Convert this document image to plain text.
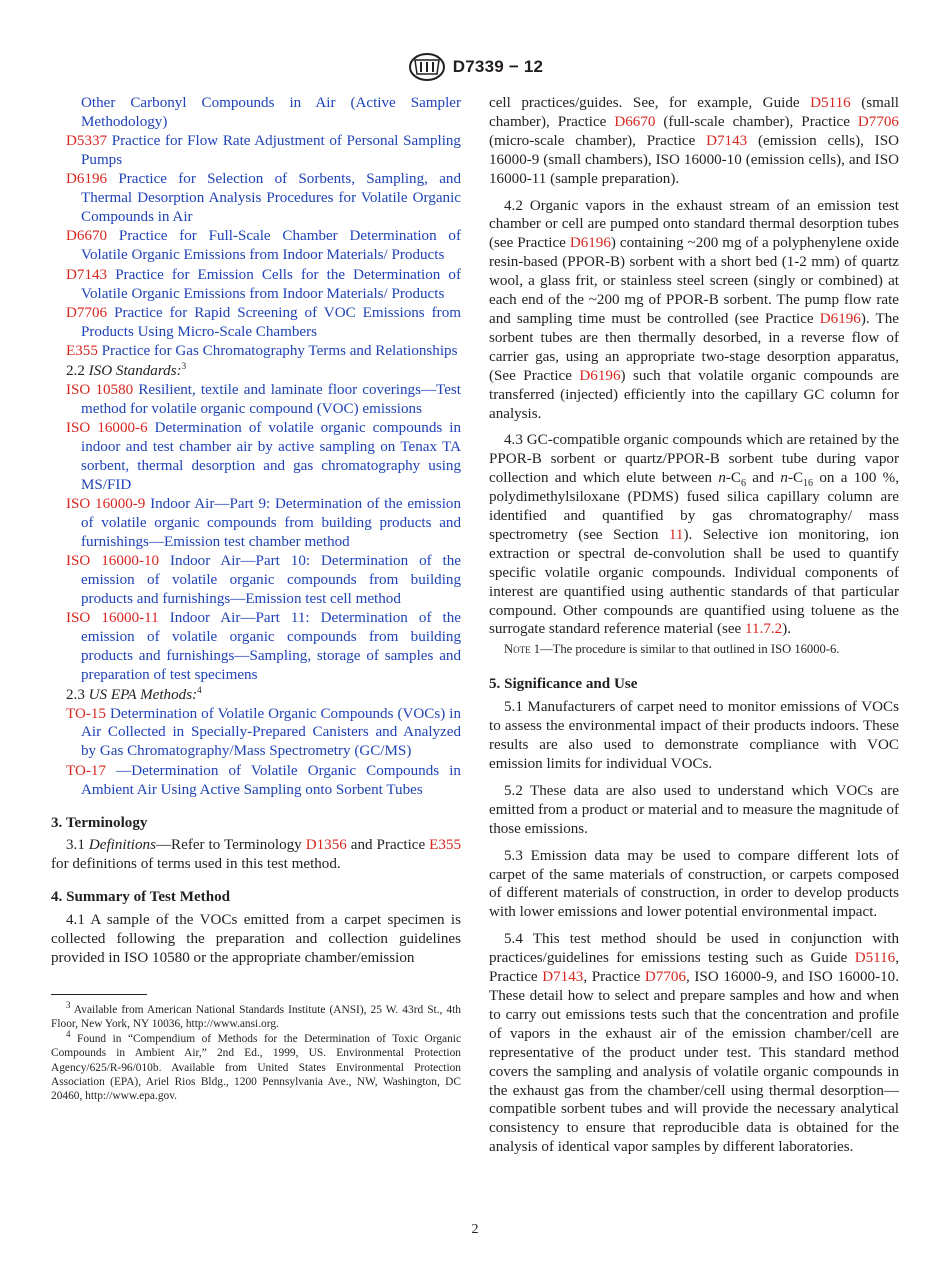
D7339 − 12

Other Carbonyl Compounds in Air (Active Sampler Methodology)

D5337 Practice for Flow Rate Adjustment of Personal Sampling Pumps

D6196 Practice for Selection of Sorbents, Sampling, and Thermal Desorption Analysis Procedures for Volatile Organic Compounds in Air

D6670 Practice for Full-Scale Chamber Determination of Volatile Organic Emissions from Indoor Materials/ Products

D7143 Practice for Emission Cells for the Determination of Volatile Organic Emissions from Indoor Materials/ Products

D7706 Practice for Rapid Screening of VOC Emissions from Products Using Micro-Scale Chambers

E355 Practice for Gas Chromatography Terms and Relationships

2.2 ISO Standards:$^3$

ISO 10580 Resilient, textile and laminate floor coverings—Test method for volatile organic compound (VOC) emissions

ISO 16000-6 Determination of volatile organic compounds in indoor and test chamber air by active sampling on Tenax TA sorbent, thermal desorption and gas chromatography using MS/FID

ISO 16000-9 Indoor Air—Part 9: Determination of the emission of volatile organic compounds from building products and furnishings—Emission test chamber method

ISO 16000-10 Indoor Air—Part 10: Determination of the emission of volatile organic compounds from building products and furnishings—Emission test cell method

ISO 16000-11 Indoor Air—Part 11: Determination of the emission of volatile organic compounds from building products and furnishings—Sampling, storage of samples and preparation of test specimens

2.3 US EPA Methods:$^4$

TO-15 Determination of Volatile Organic Compounds (VOCs) in Air Collected in Specially-Prepared Canisters and Analyzed by Gas Chromatography/Mass Spectrometry (GC/MS)

TO-17 —Determination of Volatile Organic Compounds in Ambient Air Using Active Sampling onto Sorbent Tubes

3. Terminology

3.1 Definitions—Refer to Terminology D1356 and Practice E355 for definitions of terms used in this test method.

4. Summary of Test Method

4.1 A sample of the VOCs emitted from a carpet specimen is collected following the preparation and collection guidelines provided in ISO 10580 or the appropriate chamber/emission

$^3$ Available from American National Standards Institute (ANSI), 25 W. 43rd St., 4th Floor, New York, NY 10036, http://www.ansi.org.

$^4$ Found in “Compendium of Methods for the Determination of Toxic Organic Compounds in Ambient Air,” 2nd Ed., 1999, US. Environmental Protection Agency/625/R-96/010b. Available from United States Environmental Protection Association (EPA), Ariel Rios Bldg., 1200 Pennsylvania Ave., NW, Washington, DC 20460, http://www.epa.gov.

cell practices/guides. See, for example, Guide D5116 (small chamber), Practice D6670 (full-scale chamber), Practice D7706 (micro-scale chamber), Practice D7143 (emission cells), ISO 16000-9 (small chambers), ISO 16000-10 (emission cells), and ISO 16000-11 (sample preparation).

4.2 Organic vapors in the exhaust stream of an emission test chamber or cell are pumped onto standard thermal desorption tubes (see Practice D6196) containing ~200 mg of a polyphenylene oxide resin-based (PPOR-B) sorbent with a short bed (1-2 mm) of quartz wool, a glass frit, or stainless steel screen (singly or combined) at each end of the ~200 mg of PPOR-B sorbent. The pump flow rate and sampling time must be controlled (see Practice D6196). The sorbent tubes are then thermally desorbed, in a reverse flow of carrier gas, using an appropriate two-stage desorption apparatus, (See Practice D6196) such that volatile organic compounds are transferred (injected) efficiently into the capillary GC column for analysis.

4.3 GC-compatible organic compounds which are retained by the PPOR-B sorbent or quartz/PPOR-B sorbent tube during vapor collection and which elute between $n-C_6$ and $n-C_{16}$ on a 100 %, polydimethylsiloxane (PDMS) fused silica capillary column are identified and quantified by gas chromatography/ mass spectrometry (see Section 11). Selective ion monitoring, ion extraction or spectral de-convolution shall be used to quantify specific volatile organic compounds. Individual components of interest are quantified using authentic standards of that particular compound. Other compounds are quantified using toluene as the surrogate standard reference material (see 11.7.2).

Note 1—The procedure is similar to that outlined in ISO 16000-6.

5. Significance and Use

5.1 Manufacturers of carpet need to monitor emissions of VOCs to assess the environmental impact of their products indoors. These results are also used to demonstrate compliance with VOC emission limits for individual VOCs.

5.2 These data are also used to understand which VOCs are emitted from a product or material and to measure the magnitude of those emissions.

5.3 Emission data may be used to compare different lots of carpet of the same materials of construction, or carpets composed of different materials of construction, in order to develop products with lower emissions and lower potential environmental impact.

5.4 This test method should be used in conjunction with practices/guidelines for emissions testing such as Guide D5116, Practice D7143, Practice D7706, ISO 16000-9, and ISO 16000-10. These detail how to select and prepare samples and how and when to carry out emissions tests such that the concentration and profile of vapors in the exhaust air of the emission chamber/cell are representative of the product under test. This standard method covers the sampling and analysis of volatile organic compounds in the exhaust gas from the chamber/cell using thermal desorption—compatible sorbent tubes and will provide the necessary analytical consistency to ensure that reproducible data is obtained for the analysis of identical vapor samples by different laboratories.

2
